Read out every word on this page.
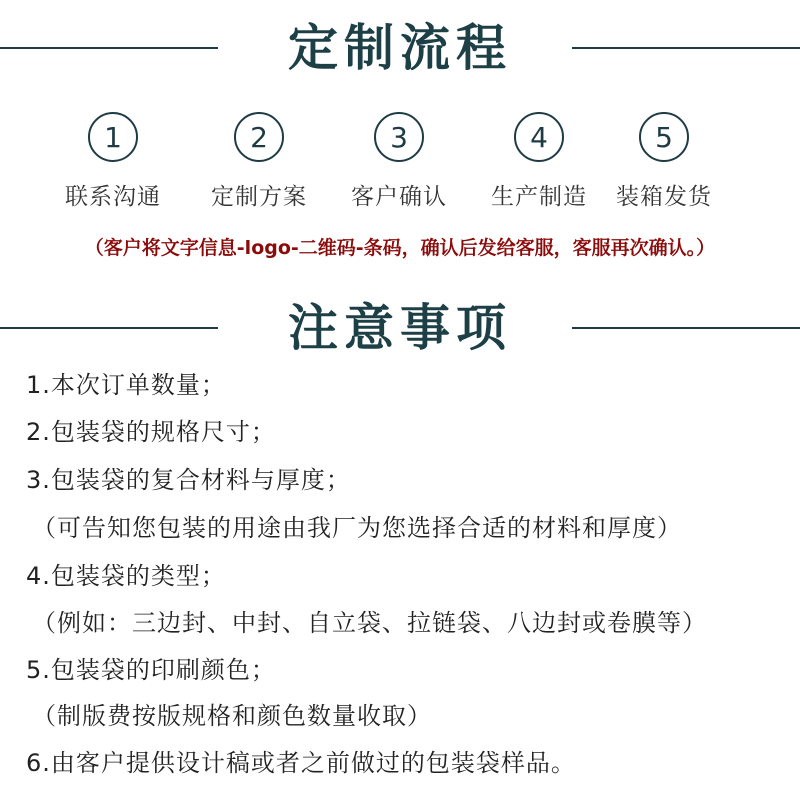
定制流程
1
联系沟通
2
定制方案
3
客户确认
4
生产制造
5
装箱发货
（客户将文字信息-logo-二维码-条码，确认后发给客服，客服再次确认。）
注意事项
1.本次订单数量；
2.包装袋的规格尺寸；
3.包装袋的复合材料与厚度；
（可告知您包装的用途由我厂为您选择合适的材料和厚度）
4.包装袋的类型；
（例如：三边封、中封、自立袋、拉链袋、八边封或卷膜等）
5.包装袋的印刷颜色；
（制版费按版规格和颜色数量收取）
6.由客户提供设计稿或者之前做过的包装袋样品。
